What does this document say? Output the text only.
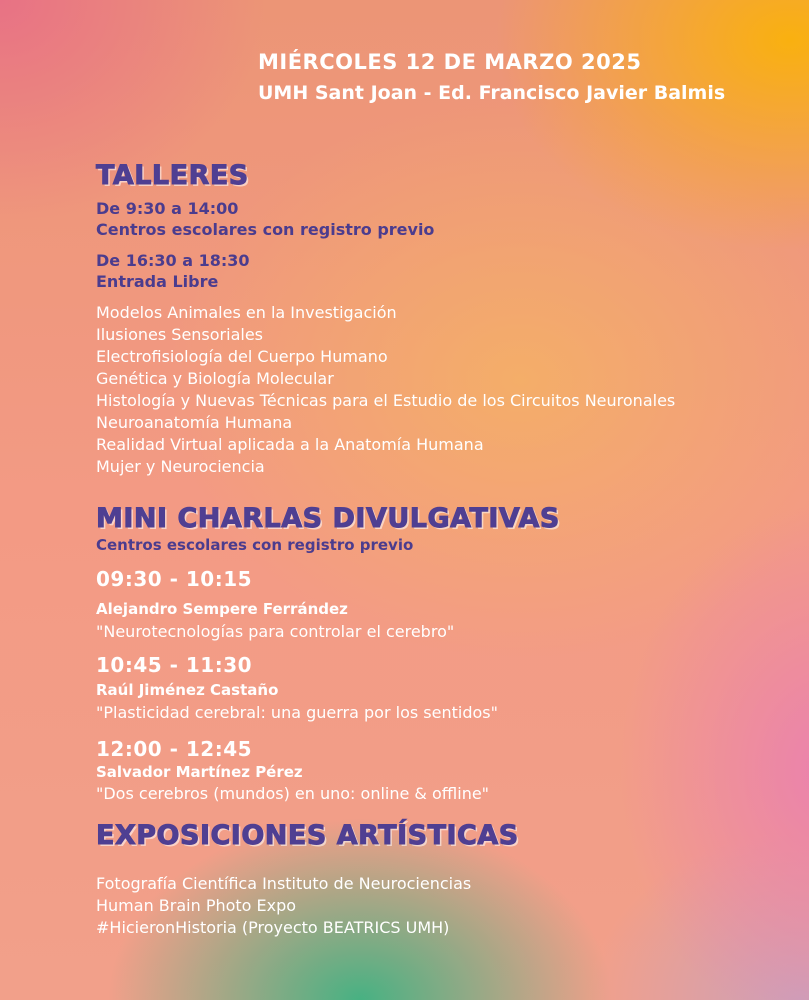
MIÉRCOLES 12 DE MARZO 2025
UMH Sant Joan - Ed. Francisco Javier Balmis
TALLERES
De 9:30 a 14:00
Centros escolares con registro previo
De 16:30 a 18:30
Entrada Libre
Modelos Animales en la Investigación
Ilusiones Sensoriales
Electrofisiología del Cuerpo Humano
Genética y Biología Molecular
Histología y Nuevas Técnicas para el Estudio de los Circuitos Neuronales
Neuroanatomía Humana
Realidad Virtual aplicada a la Anatomía Humana
Mujer y Neurociencia
MINI CHARLAS DIVULGATIVAS
Centros escolares con registro previo
09:30 - 10:15
Alejandro Sempere Ferrández
"Neurotecnologías para controlar el cerebro"
10:45 - 11:30
Raúl Jiménez Castaño
"Plasticidad cerebral: una guerra por los sentidos"
12:00 - 12:45
Salvador Martínez Pérez
"Dos cerebros (mundos) en uno: online & offline"
EXPOSICIONES ARTÍSTICAS
Fotografía Científica Instituto de Neurociencias
Human Brain Photo Expo
#HicieronHistoria (Proyecto BEATRICS UMH)
